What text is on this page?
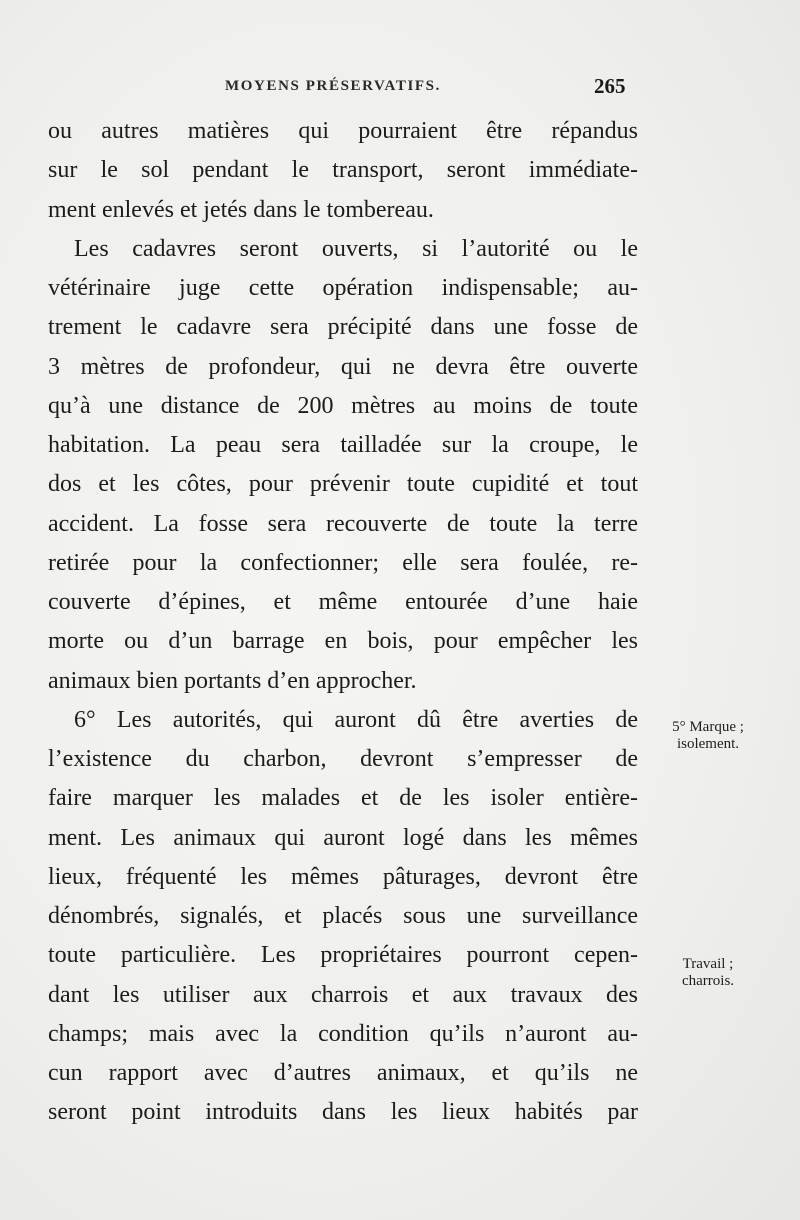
MOYENS PRÉSERVATIFS.	265
ou autres matières qui pourraient être répandus
sur le sol pendant le transport, seront immédiate-
ment enlevés et jetés dans le tombereau.
Les cadavres seront ouverts, si l’autorité ou le
vétérinaire juge cette opération indispensable; au-
trement le cadavre sera précipité dans une fosse de
3 mètres de profondeur, qui ne devra être ouverte
qu’à une distance de 200 mètres au moins de toute
habitation. La peau sera tailladée sur la croupe, le
dos et les côtes, pour prévenir toute cupidité et tout
accident. La fosse sera recouverte de toute la terre
retirée pour la confectionner; elle sera foulée, re-
couverte d’épines, et même entourée d’une haie
morte ou d’un barrage en bois, pour empêcher les
animaux bien portants d’en approcher.
6° Les autorités, qui auront dû être averties de
l’existence du charbon, devront s’empresser de
faire marquer les malades et de les isoler entière-
ment. Les animaux qui auront logé dans les mêmes
lieux, fréquenté les mêmes pâturages, devront être
dénombrés, signalés, et placés sous une surveillance
toute particulière. Les propriétaires pourront cepen-
dant les utiliser aux charrois et aux travaux des
champs; mais avec la condition qu’ils n’auront au-
cun rapport avec d’autres animaux, et qu’ils ne
seront point introduits dans les lieux habités par
5° Marque ;
isolement.
Travail ;
charrois.
